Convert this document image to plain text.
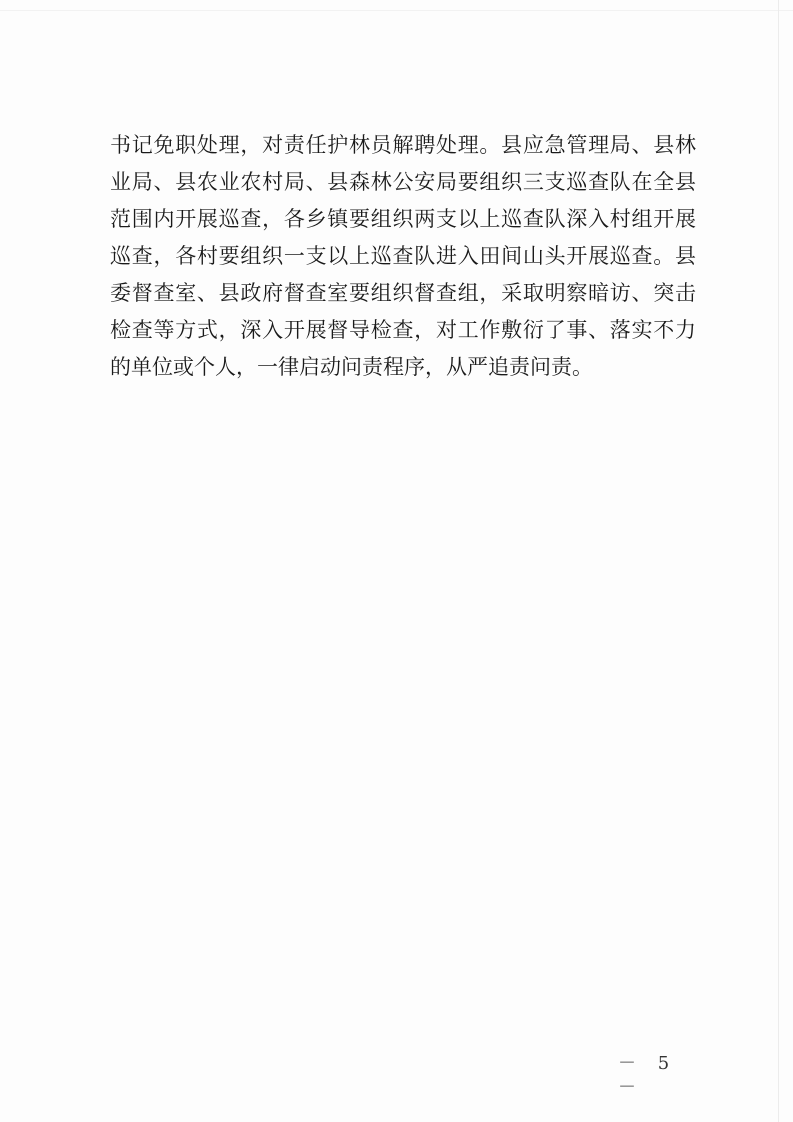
书记免职处理，对责任护林员解聘处理。县应急管理局、县林
业局、县农业农村局、县森林公安局要组织三支巡查队在全县
范围内开展巡查，各乡镇要组织两支以上巡查队深入村组开展
巡查，各村要组织一支以上巡查队进入田间山头开展巡查。县
委督查室、县政府督查室要组织督查组，采取明察暗访、突击
检查等方式，深入开展督导检查，对工作敷衍了事、落实不力
的单位或个人，一律启动问责程序，从严追责问责。
－ 5 －
